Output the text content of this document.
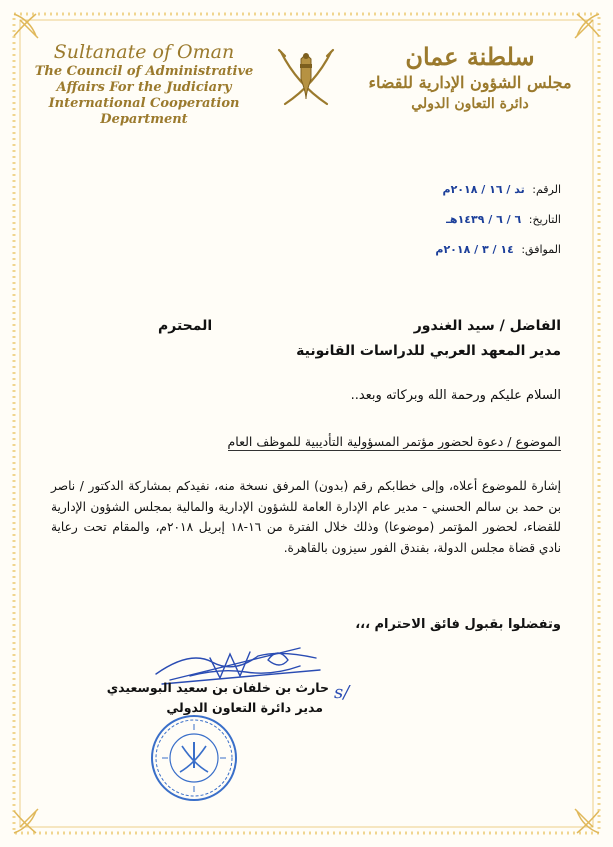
Sultanate of Oman
The Council of Administrative
Affairs For the Judiciary
International Cooperation
Department
سلطنة عمان
مجلس الشؤون الإدارية للقضاء
دائرة التعاون الدولي
الرقم: تد / ١٦ / ٢٠١٨م
التاريخ: ٦ / ٦ / ١٤٣٩هـ
الموافق: ١٤ / ٣ / ٢٠١٨م
الفاضل / سيد الغندور
المحترم
مدير المعهد العربي للدراسات القانونية
السلام عليكم ورحمة الله وبركاته وبعد..
الموضوع / دعوة لحضور مؤتمر المسؤولية التأديبية للموظف العام
إشارة للموضوع أعلاه، وإلى خطابكم رقم (بدون) المرفق نسخة منه، نفيدكم بمشاركة الدكتور / ناصر بن حمد بن سالم الحسني - مدير عام الإدارة العامة للشؤون الإدارية والمالية بمجلس الشؤون الإدارية للقضاء، لحضور المؤتمر (موضوعا) وذلك خلال الفترة من ١٦-١٨ إبريل ٢٠١٨م، والمقام تحت رعاية نادي قضاة مجلس الدولة، بفندق الفور سيزون بالقاهرة.
وتفضلوا بقبول فائق الاحترام ،،،
s/
حارث بن خلفان بن سعيد البوسعيدي
مدير دائرة التعاون الدولي
